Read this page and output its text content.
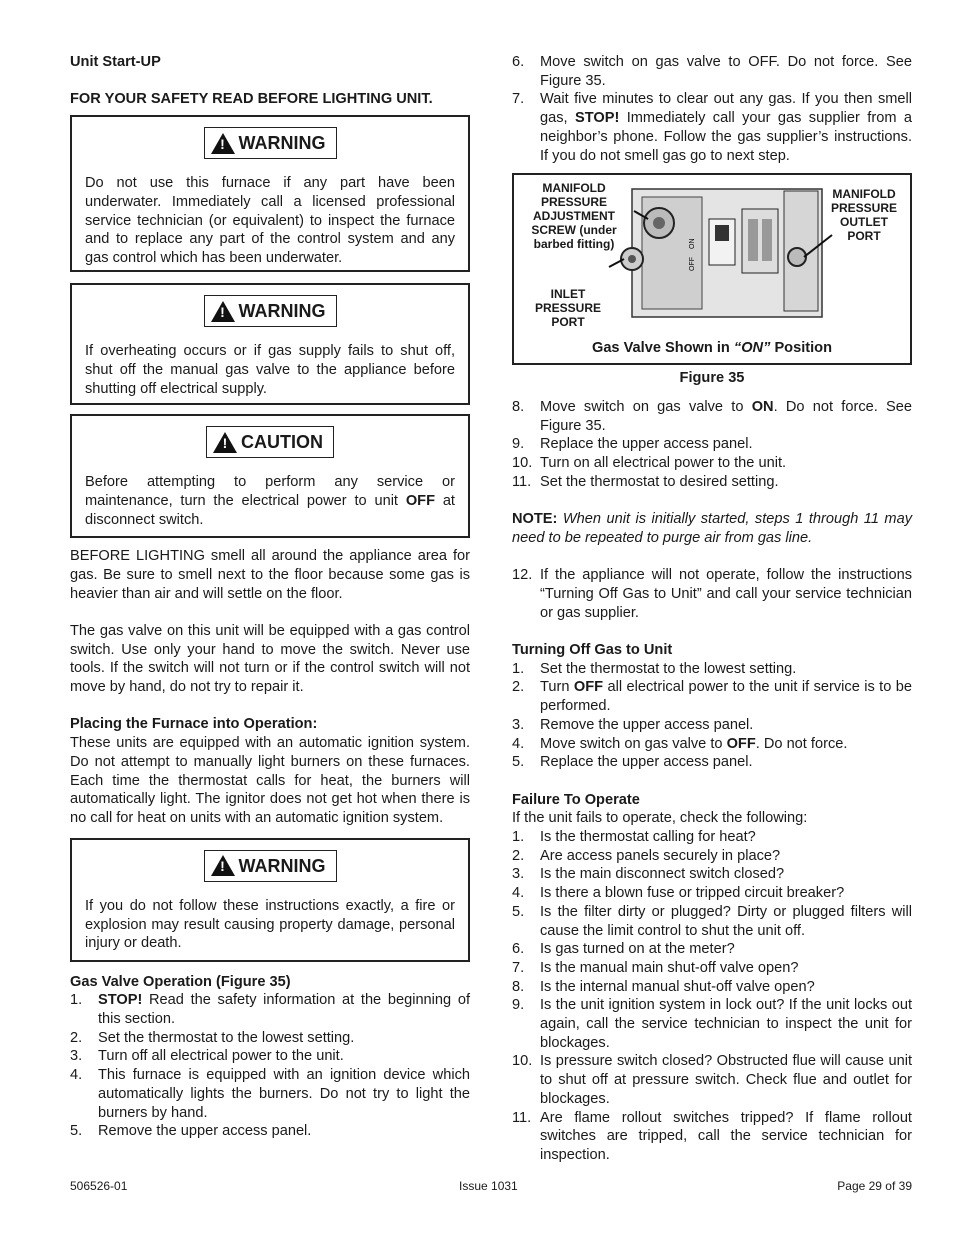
Unit Start-UP
FOR YOUR SAFETY READ BEFORE LIGHTING UNIT.
! WARNING

Do not use this furnace if any part have been underwater. Immediately call a licensed professional service technician (or equivalent) to inspect the furnace and to replace any part of the control system and any gas control which has been underwater.

! WARNING

If overheating occurs or if gas supply fails to shut off, shut off the manual gas valve to the appliance before shutting off electrical supply.

! CAUTION

Before attempting to perform any service or maintenance, turn the electrical power to unit OFF at disconnect switch.

BEFORE LIGHTING smell all around the appliance area for gas. Be sure to smell next to the floor because some gas is heavier than air and will settle on the floor.

The gas valve on this unit will be equipped with a gas control switch. Use only your hand to move the switch. Never use tools. If the switch will not turn or if the control switch will not move by hand, do not try to repair it.

Placing the Furnace into Operation:

These units are equipped with an automatic ignition system. Do not attempt to manually light burners on these furnaces. Each time the thermostat calls for heat, the burners will automatically light. The ignitor does not get hot when there is no call for heat on units with an automatic ignition system.

! WARNING

If you do not follow these instructions exactly, a fire or explosion may result causing property damage, personal injury or death.

Gas Valve Operation (Figure 35)
1.	STOP! Read the safety information at the beginning of this section.
2.	Set the thermostat to the lowest setting.
3.	Turn off all electrical power to the unit.
4.	This furnace is equipped with an ignition device which automatically lights the burners. Do not try to light the burners by hand.
5.	Remove the upper access panel.
6.	Move switch on gas valve to OFF. Do not force. See Figure 35.
7.	Wait five minutes to clear out any gas. If you then smell gas, STOP! Immediately call your gas supplier from a neighbor’s phone. Follow the gas supplier’s instructions. If you do not smell gas go to next step.
ON
OFF
MANIFOLD PRESSURE ADJUSTMENT SCREW (under barbed fitting)
MANIFOLD PRESSURE OUTLET PORT
INLET PRESSURE PORT
Gas Valve Shown in “ON” Position
Figure 35
8.	Move switch on gas valve to ON. Do not force. See Figure 35.
9.	Replace the upper access panel.
10. Turn on all electrical power to the unit.
11. Set the thermostat to desired setting.

NOTE: When unit is initially started, steps 1 through 11 may need to be repeated to purge air from gas line.

12. If the appliance will not operate, follow the instructions “Turning Off Gas to Unit” and call your service technician or gas supplier.
Turning Off Gas to Unit
1.	Set the thermostat to the lowest setting.
2.	Turn OFF all electrical power to the unit if service is to be performed.
3.	Remove the upper access panel.
4.	Move switch on gas valve to OFF. Do not force.
5.	Replace the upper access panel.
Failure To Operate

If the unit fails to operate, check the following:

1.	Is the thermostat calling for heat?
2.	Are access panels securely in place?
3.	Is the main disconnect switch closed?
4.	Is there a blown fuse or tripped circuit breaker?
5.	Is the filter dirty or plugged? Dirty or plugged filters will cause the limit control to shut the unit off.
6.	Is gas turned on at the meter?
7.	Is the manual main shut-off valve open?
8.	Is the internal manual shut-off valve open?
9.	Is the unit ignition system in lock out? If the unit locks out again, call the service technician to inspect the unit for blockages.
10. Is pressure switch closed? Obstructed flue will cause unit to shut off at pressure switch. Check flue and outlet for blockages.
11. Are flame rollout switches tripped? If flame rollout switches are tripped, call the service technician for inspection.
506526-01	Issue 1031	Page 29 of 39
